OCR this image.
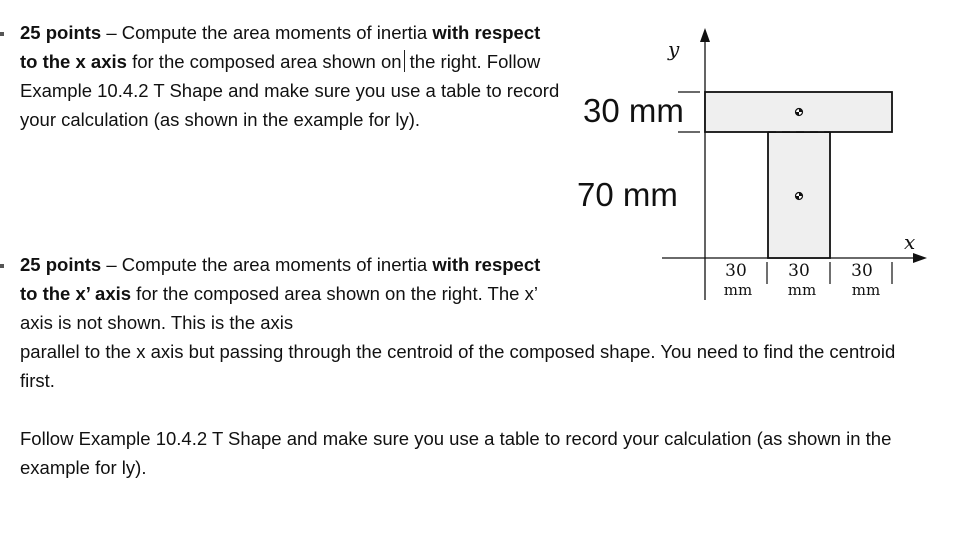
25 points – Compute the area moments of inertia with respect to the x axis for the composed area shown on the right. Follow Example 10.4.2 T Shape and make sure you use a table to record your calculation (as shown in the example for ly).

25 points – Compute the area moments of inertia with respect to the x’ axis for the composed area shown on the right. The x’ axis is not shown. This is the axis

parallel to the x axis but passing through the centroid of the composed shape. You need to find the centroid first.

Follow Example 10.4.2 T Shape and make sure you use a table to record your calculation (as shown in the example for ly).

y
x
30 mm
70 mm
30
mm
30
mm
30
mm
